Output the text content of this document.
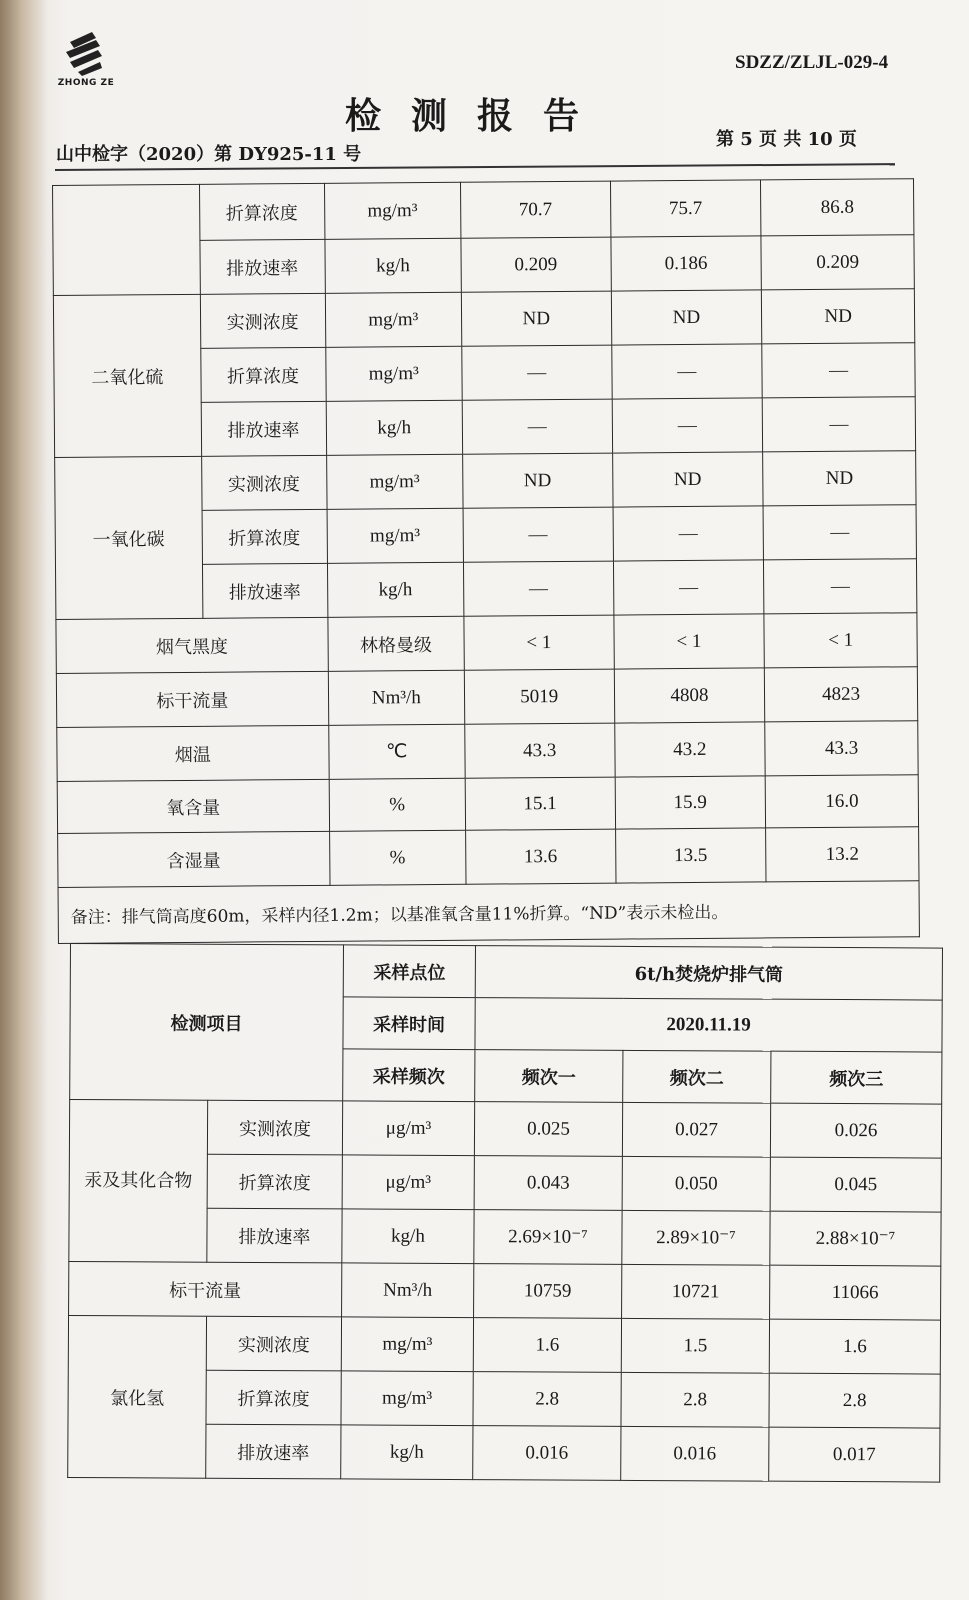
ZHONG ZE
SDZZ/ZLJL-029-4
检测报告
山中检字（2020）第 DY925-11 号
第 5 页 共 10 页
	折算浓度	mg/m³	70.7	75.7	86.8
	排放速率	kg/h	0.209	0.186	0.209
二氧化硫	实测浓度	mg/m³	ND	ND	ND
	折算浓度	mg/m³	—	—	—
	排放速率	kg/h	—	—	—
一氧化碳	实测浓度	mg/m³	ND	ND	ND
	折算浓度	mg/m³	—	—	—
	排放速率	kg/h	—	—	—
烟气黑度		林格曼级	< 1	< 1	< 1
标干流量		Nm³/h	5019	4808	4823
烟温		℃	43.3	43.2	43.3
氧含量		%	15.1	15.9	16.0
含湿量		%	13.6	13.5	13.2
备注：排气筒高度60m，采样内径1.2m；以基准氧含量11%折算。“ND”表示未检出。					
检测项目		采样点位	6t/h焚烧炉排气筒		
		采样时间	2020.11.19		
		采样频次	频次一	频次二	频次三
汞及其化合物	实测浓度	μg/m³	0.025	0.027	0.026
	折算浓度	μg/m³	0.043	0.050	0.045
	排放速率	kg/h	2.69×10⁻⁷	2.89×10⁻⁷	2.88×10⁻⁷
标干流量		Nm³/h	10759	10721	11066
氯化氢	实测浓度	mg/m³	1.6	1.5	1.6
	折算浓度	mg/m³	2.8	2.8	2.8
	排放速率	kg/h	0.016	0.016	0.017
